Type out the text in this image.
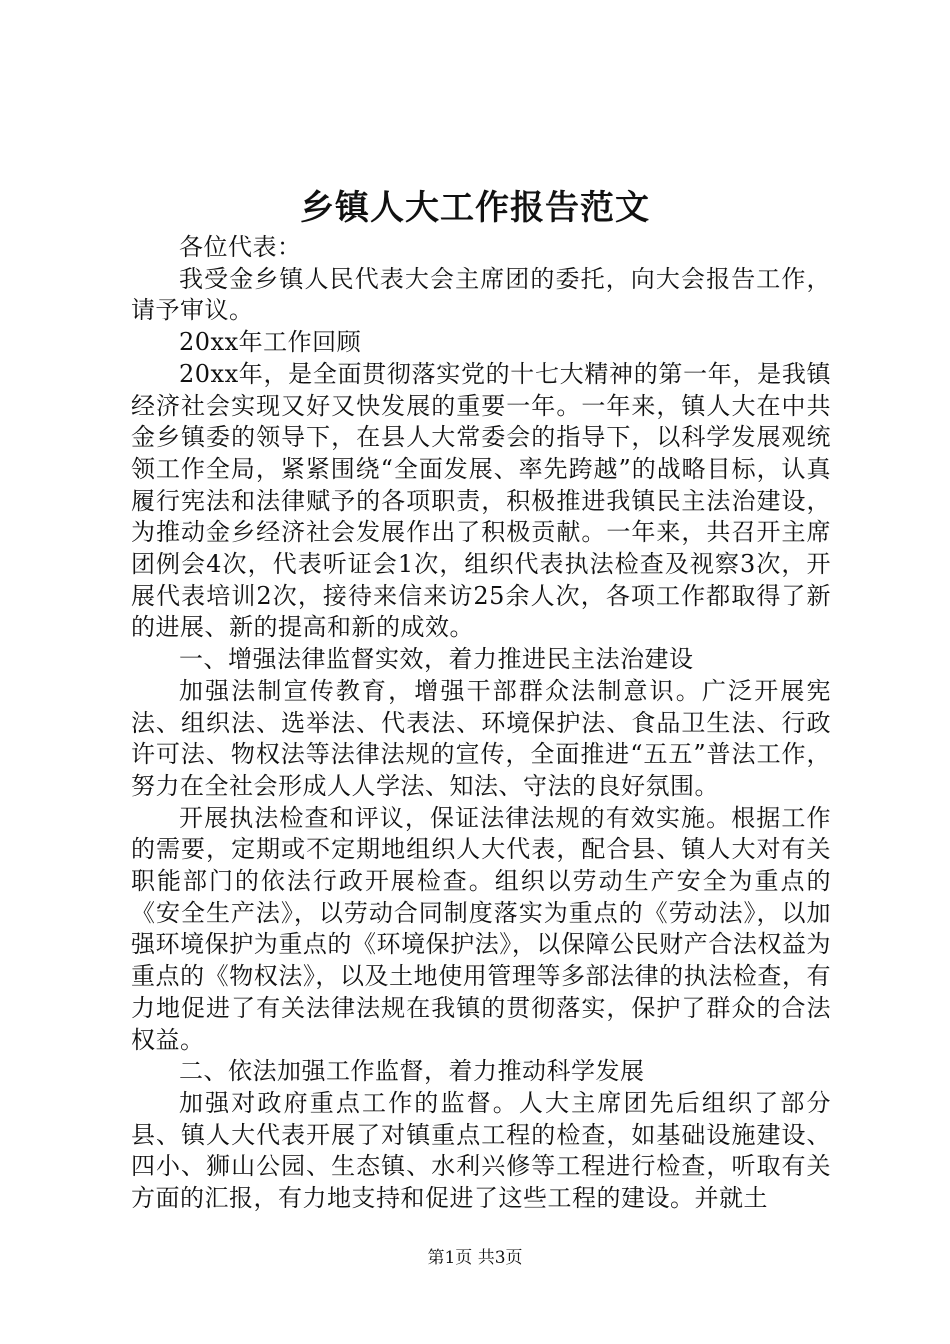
乡镇人大工作报告范文

各位代表：

我受金乡镇人民代表大会主席团的委托，向大会报告工作，请予审议。

20xx年工作回顾

20xx年，是全面贯彻落实党的十七大精神的第一年，是我镇经济社会实现又好又快发展的重要一年。一年来，镇人大在中共金乡镇委的领导下，在县人大常委会的指导下，以科学发展观统领工作全局，紧紧围绕“全面发展、率先跨越”的战略目标，认真履行宪法和法律赋予的各项职责，积极推进我镇民主法治建设，为推动金乡经济社会发展作出了积极贡献。一年来，共召开主席团例会4次，代表听证会1次，组织代表执法检查及视察3次，开展代表培训2次，接待来信来访25余人次，各项工作都取得了新的进展、新的提高和新的成效。

一、增强法律监督实效，着力推进民主法治建设

加强法制宣传教育，增强干部群众法制意识。广泛开展宪法、组织法、选举法、代表法、环境保护法、食品卫生法、行政许可法、物权法等法律法规的宣传，全面推进“五五”普法工作，努力在全社会形成人人学法、知法、守法的良好氛围。

开展执法检查和评议，保证法律法规的有效实施。根据工作的需要，定期或不定期地组织人大代表，配合县、镇人大对有关职能部门的依法行政开展检查。组织以劳动生产安全为重点的《安全生产法》，以劳动合同制度落实为重点的《劳动法》，以加强环境保护为重点的《环境保护法》，以保障公民财产合法权益为重点的《物权法》，以及土地使用管理等多部法律的执法检查，有力地促进了有关法律法规在我镇的贯彻落实，保护了群众的合法权益。

二、依法加强工作监督，着力推动科学发展

加强对政府重点工作的监督。人大主席团先后组织了部分县、镇人大代表开展了对镇重点工程的检查，如基础设施建设、四小、狮山公园、生态镇、水利兴修等工程进行检查，听取有关方面的汇报，有力地支持和促进了这些工程的建设。并就土

第1页 共3页
